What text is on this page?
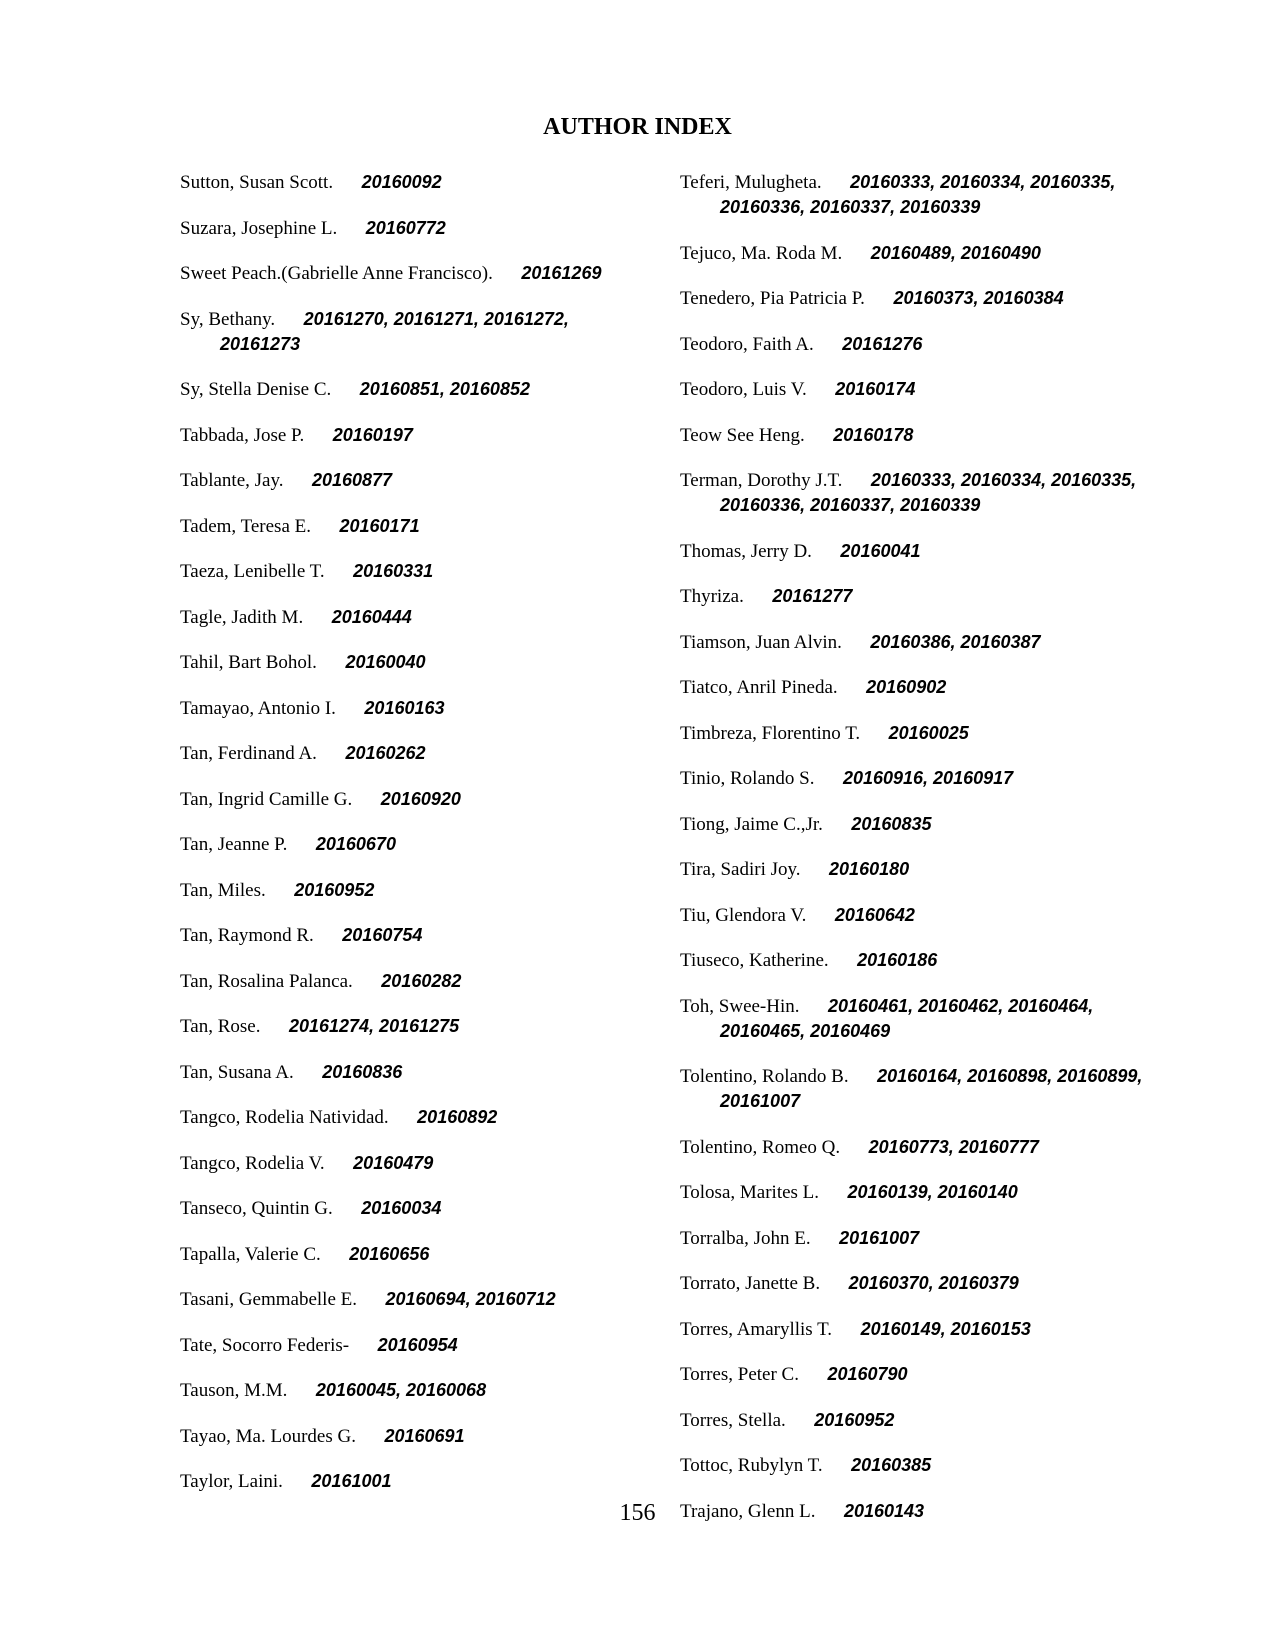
AUTHOR INDEX
Sutton, Susan Scott. 20160092
Suzara, Josephine L. 20160772
Sweet Peach.(Gabrielle Anne Francisco). 20161269
Sy, Bethany. 20161270, 20161271, 20161272, 20161273
Sy, Stella Denise C. 20160851, 20160852
Tabbada, Jose P. 20160197
Tablante, Jay. 20160877
Tadem, Teresa E. 20160171
Taeza, Lenibelle T. 20160331
Tagle, Jadith M. 20160444
Tahil, Bart Bohol. 20160040
Tamayao, Antonio I. 20160163
Tan, Ferdinand A. 20160262
Tan, Ingrid Camille G. 20160920
Tan, Jeanne P. 20160670
Tan, Miles. 20160952
Tan, Raymond R. 20160754
Tan, Rosalina Palanca. 20160282
Tan, Rose. 20161274, 20161275
Tan, Susana A. 20160836
Tangco, Rodelia Natividad. 20160892
Tangco, Rodelia V. 20160479
Tanseco, Quintin G. 20160034
Tapalla, Valerie C. 20160656
Tasani, Gemmabelle E. 20160694, 20160712
Tate, Socorro Federis- 20160954
Tauson, M.M. 20160045, 20160068
Tayao, Ma. Lourdes G. 20160691
Taylor, Laini. 20161001
Teferi, Mulugheta. 20160333, 20160334, 20160335, 20160336, 20160337, 20160339
Tejuco, Ma. Roda M. 20160489, 20160490
Tenedero, Pia Patricia P. 20160373, 20160384
Teodoro, Faith A. 20161276
Teodoro, Luis V. 20160174
Teow See Heng. 20160178
Terman, Dorothy J.T. 20160333, 20160334, 20160335, 20160336, 20160337, 20160339
Thomas, Jerry D. 20160041
Thyriza. 20161277
Tiamson, Juan Alvin. 20160386, 20160387
Tiatco, Anril Pineda. 20160902
Timbreza, Florentino T. 20160025
Tinio, Rolando S. 20160916, 20160917
Tiong, Jaime C.,Jr. 20160835
Tira, Sadiri Joy. 20160180
Tiu, Glendora V. 20160642
Tiuseco, Katherine. 20160186
Toh, Swee-Hin. 20160461, 20160462, 20160464, 20160465, 20160469
Tolentino, Rolando B. 20160164, 20160898, 20160899, 20161007
Tolentino, Romeo Q. 20160773, 20160777
Tolosa, Marites L. 20160139, 20160140
Torralba, John E. 20161007
Torrato, Janette B. 20160370, 20160379
Torres, Amaryllis T. 20160149, 20160153
Torres, Peter C. 20160790
Torres, Stella. 20160952
Tottoc, Rubylyn T. 20160385
Trajano, Glenn L. 20160143
156
